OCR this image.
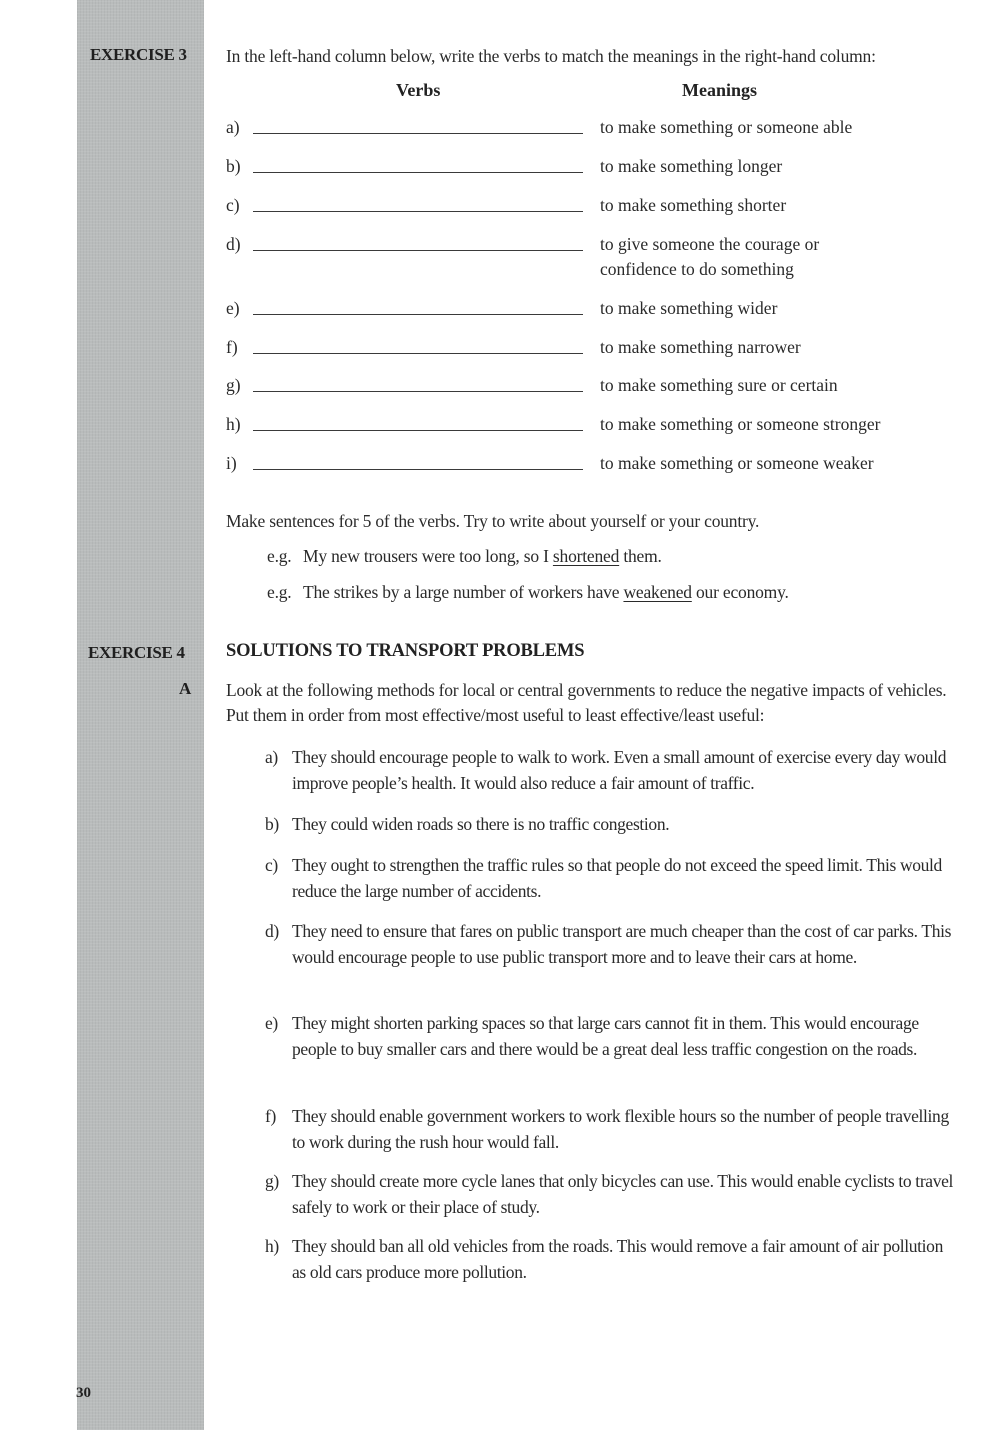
EXERCISE 3 In the left-hand column below, write the verbs to match the meanings in the right-hand column:
Verbs	Meanings
a)	to make something or someone able
b)	to make something longer
c)	to make something shorter
d)	to give someone the courage or confidence to do something
e)	to make something wider
f)	to make something narrower
g)	to make something sure or certain
h)	to make something or someone stronger
i)	to make something or someone weaker
Make sentences for 5 of the verbs. Try to write about yourself or your country.
e.g. My new trousers were too long, so I shortened them.
e.g. The strikes by a large number of workers have weakened our economy.
EXERCISE 4 SOLUTIONS TO TRANSPORT PROBLEMS
A Look at the following methods for local or central governments to reduce the negative impacts of vehicles. Put them in order from most effective/most useful to least effective/least useful:
a) They should encourage people to walk to work. Even a small amount of exercise every day would improve people’s health. It would also reduce a fair amount of traffic.
b) They could widen roads so there is no traffic congestion.
c) They ought to strengthen the traffic rules so that people do not exceed the speed limit. This would reduce the large number of accidents.
d) They need to ensure that fares on public transport are much cheaper than the cost of car parks. This would encourage people to use public transport more and to leave their cars at home.
e) They might shorten parking spaces so that large cars cannot fit in them. This would encourage people to buy smaller cars and there would be a great deal less traffic congestion on the roads.
f) They should enable government workers to work flexible hours so the number of people travelling to work during the rush hour would fall.
g) They should create more cycle lanes that only bicycles can use. This would enable cyclists to travel safely to work or their place of study.
h) They should ban all old vehicles from the roads. This would remove a fair amount of air pollution as old cars produce more pollution.
30
